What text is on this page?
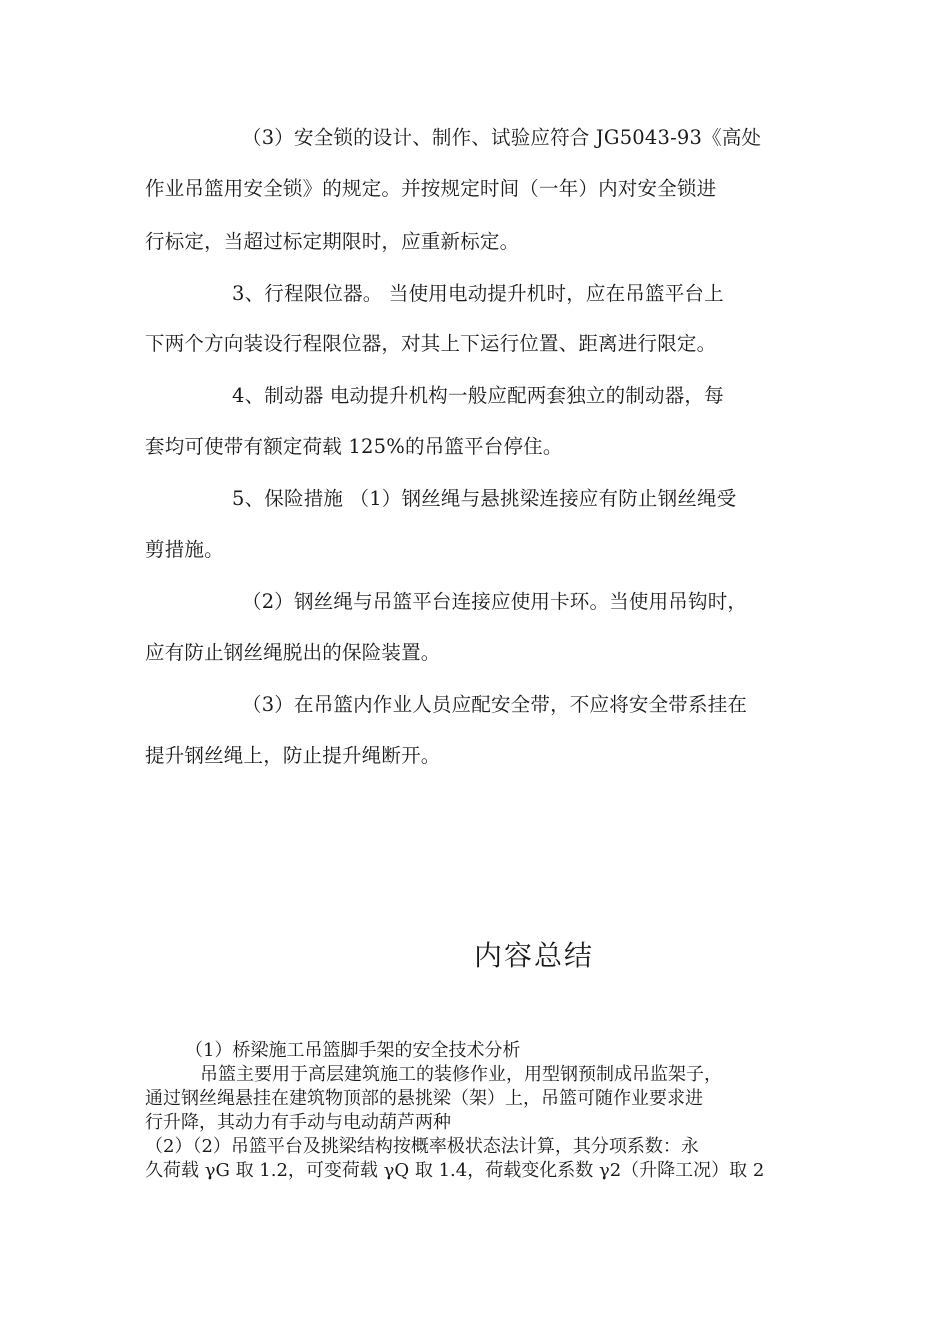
（3）安全锁的设计、制作、试验应符合 JG5043-93《高处
作业吊篮用安全锁》的规定。并按规定时间（一年）内对安全锁进
行标定，当超过标定期限时，应重新标定。
3、行程限位器。 当使用电动提升机时，应在吊篮平台上
下两个方向装设行程限位器，对其上下运行位置、距离进行限定。
4、制动器 电动提升机构一般应配两套独立的制动器，每
套均可使带有额定荷载 125%的吊篮平台停住。
5、保险措施 （1）钢丝绳与悬挑梁连接应有防止钢丝绳受
剪措施。
（2）钢丝绳与吊篮平台连接应使用卡环。当使用吊钩时，
应有防止钢丝绳脱出的保险装置。
（3）在吊篮内作业人员应配安全带，不应将安全带系挂在
提升钢丝绳上，防止提升绳断开。
内容总结
（1）桥梁施工吊篮脚手架的安全技术分析
吊篮主要用于高层建筑施工的装修作业，用型钢预制成吊监架子，
通过钢丝绳悬挂在建筑物顶部的悬挑梁（架）上，吊篮可随作业要求进
行升降，其动力有手动与电动葫芦两种
（2）（2）吊篮平台及挑梁结构按概率极状态法计算，其分项系数：永
久荷载 γG 取 1.2，可变荷载 γQ 取 1.4，荷载变化系数 γ2（升降工况）取 2
